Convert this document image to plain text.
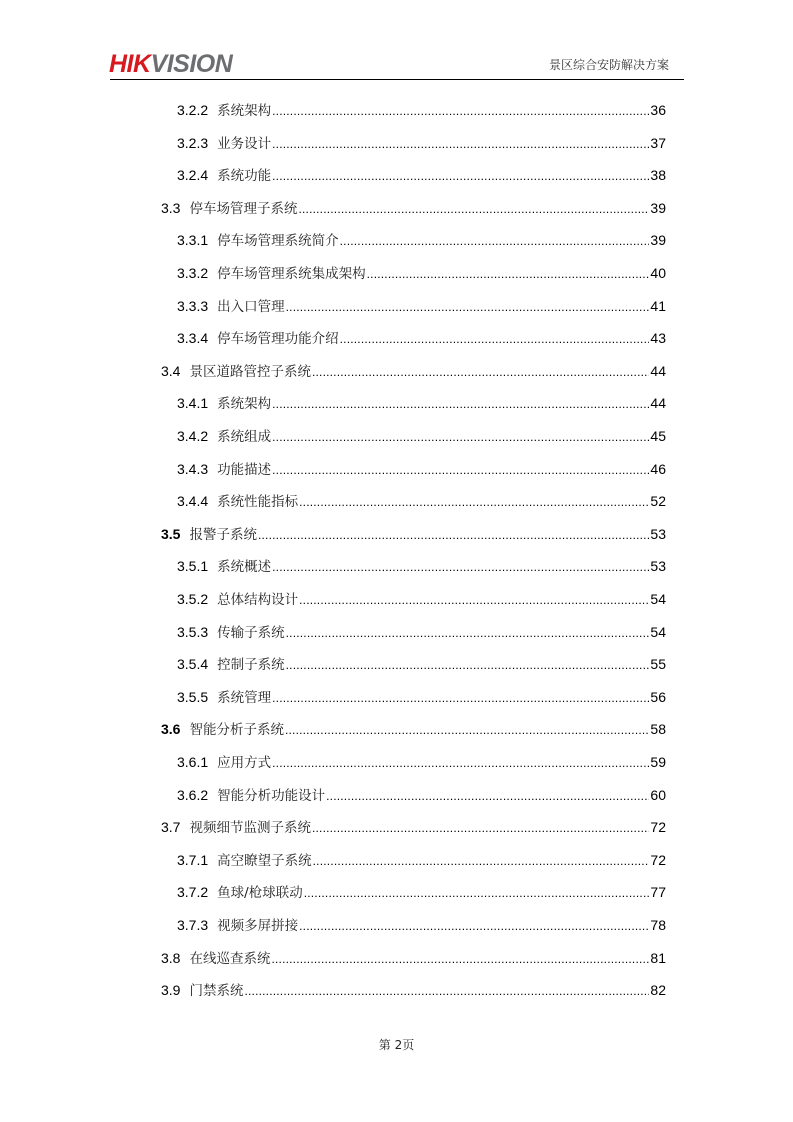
HIKVISION	景区综合安防解决方案
3.2.2 系统架构 .....	36
3.2.3 业务设计 .....	37
3.2.4 系统功能 .....	38
3.3 停车场管理子系统 .....	39
3.3.1 停车场管理系统简介 .....	39
3.3.2 停车场管理系统集成架构 .....	40
3.3.3 出入口管理 .....	41
3.3.4 停车场管理功能介绍 .....	43
3.4 景区道路管控子系统 .....	44
3.4.1 系统架构 .....	44
3.4.2 系统组成 .....	45
3.4.3 功能描述 .....	46
3.4.4 系统性能指标 .....	52
3.5 报警子系统 .....	53
3.5.1 系统概述 .....	53
3.5.2 总体结构设计 .....	54
3.5.3 传输子系统 .....	54
3.5.4 控制子系统 .....	55
3.5.5 系统管理 .....	56
3.6 智能分析子系统 .....	58
3.6.1 应用方式 .....	59
3.6.2 智能分析功能设计 .....	60
3.7 视频细节监测子系统 .....	72
3.7.1 高空瞭望子系统 .....	72
3.7.2 鱼球/枪球联动 .....	77
3.7.3 视频多屏拼接 .....	78
3.8 在线巡查系统 .....	81
3.9 门禁系统 .....	82
第 2页
